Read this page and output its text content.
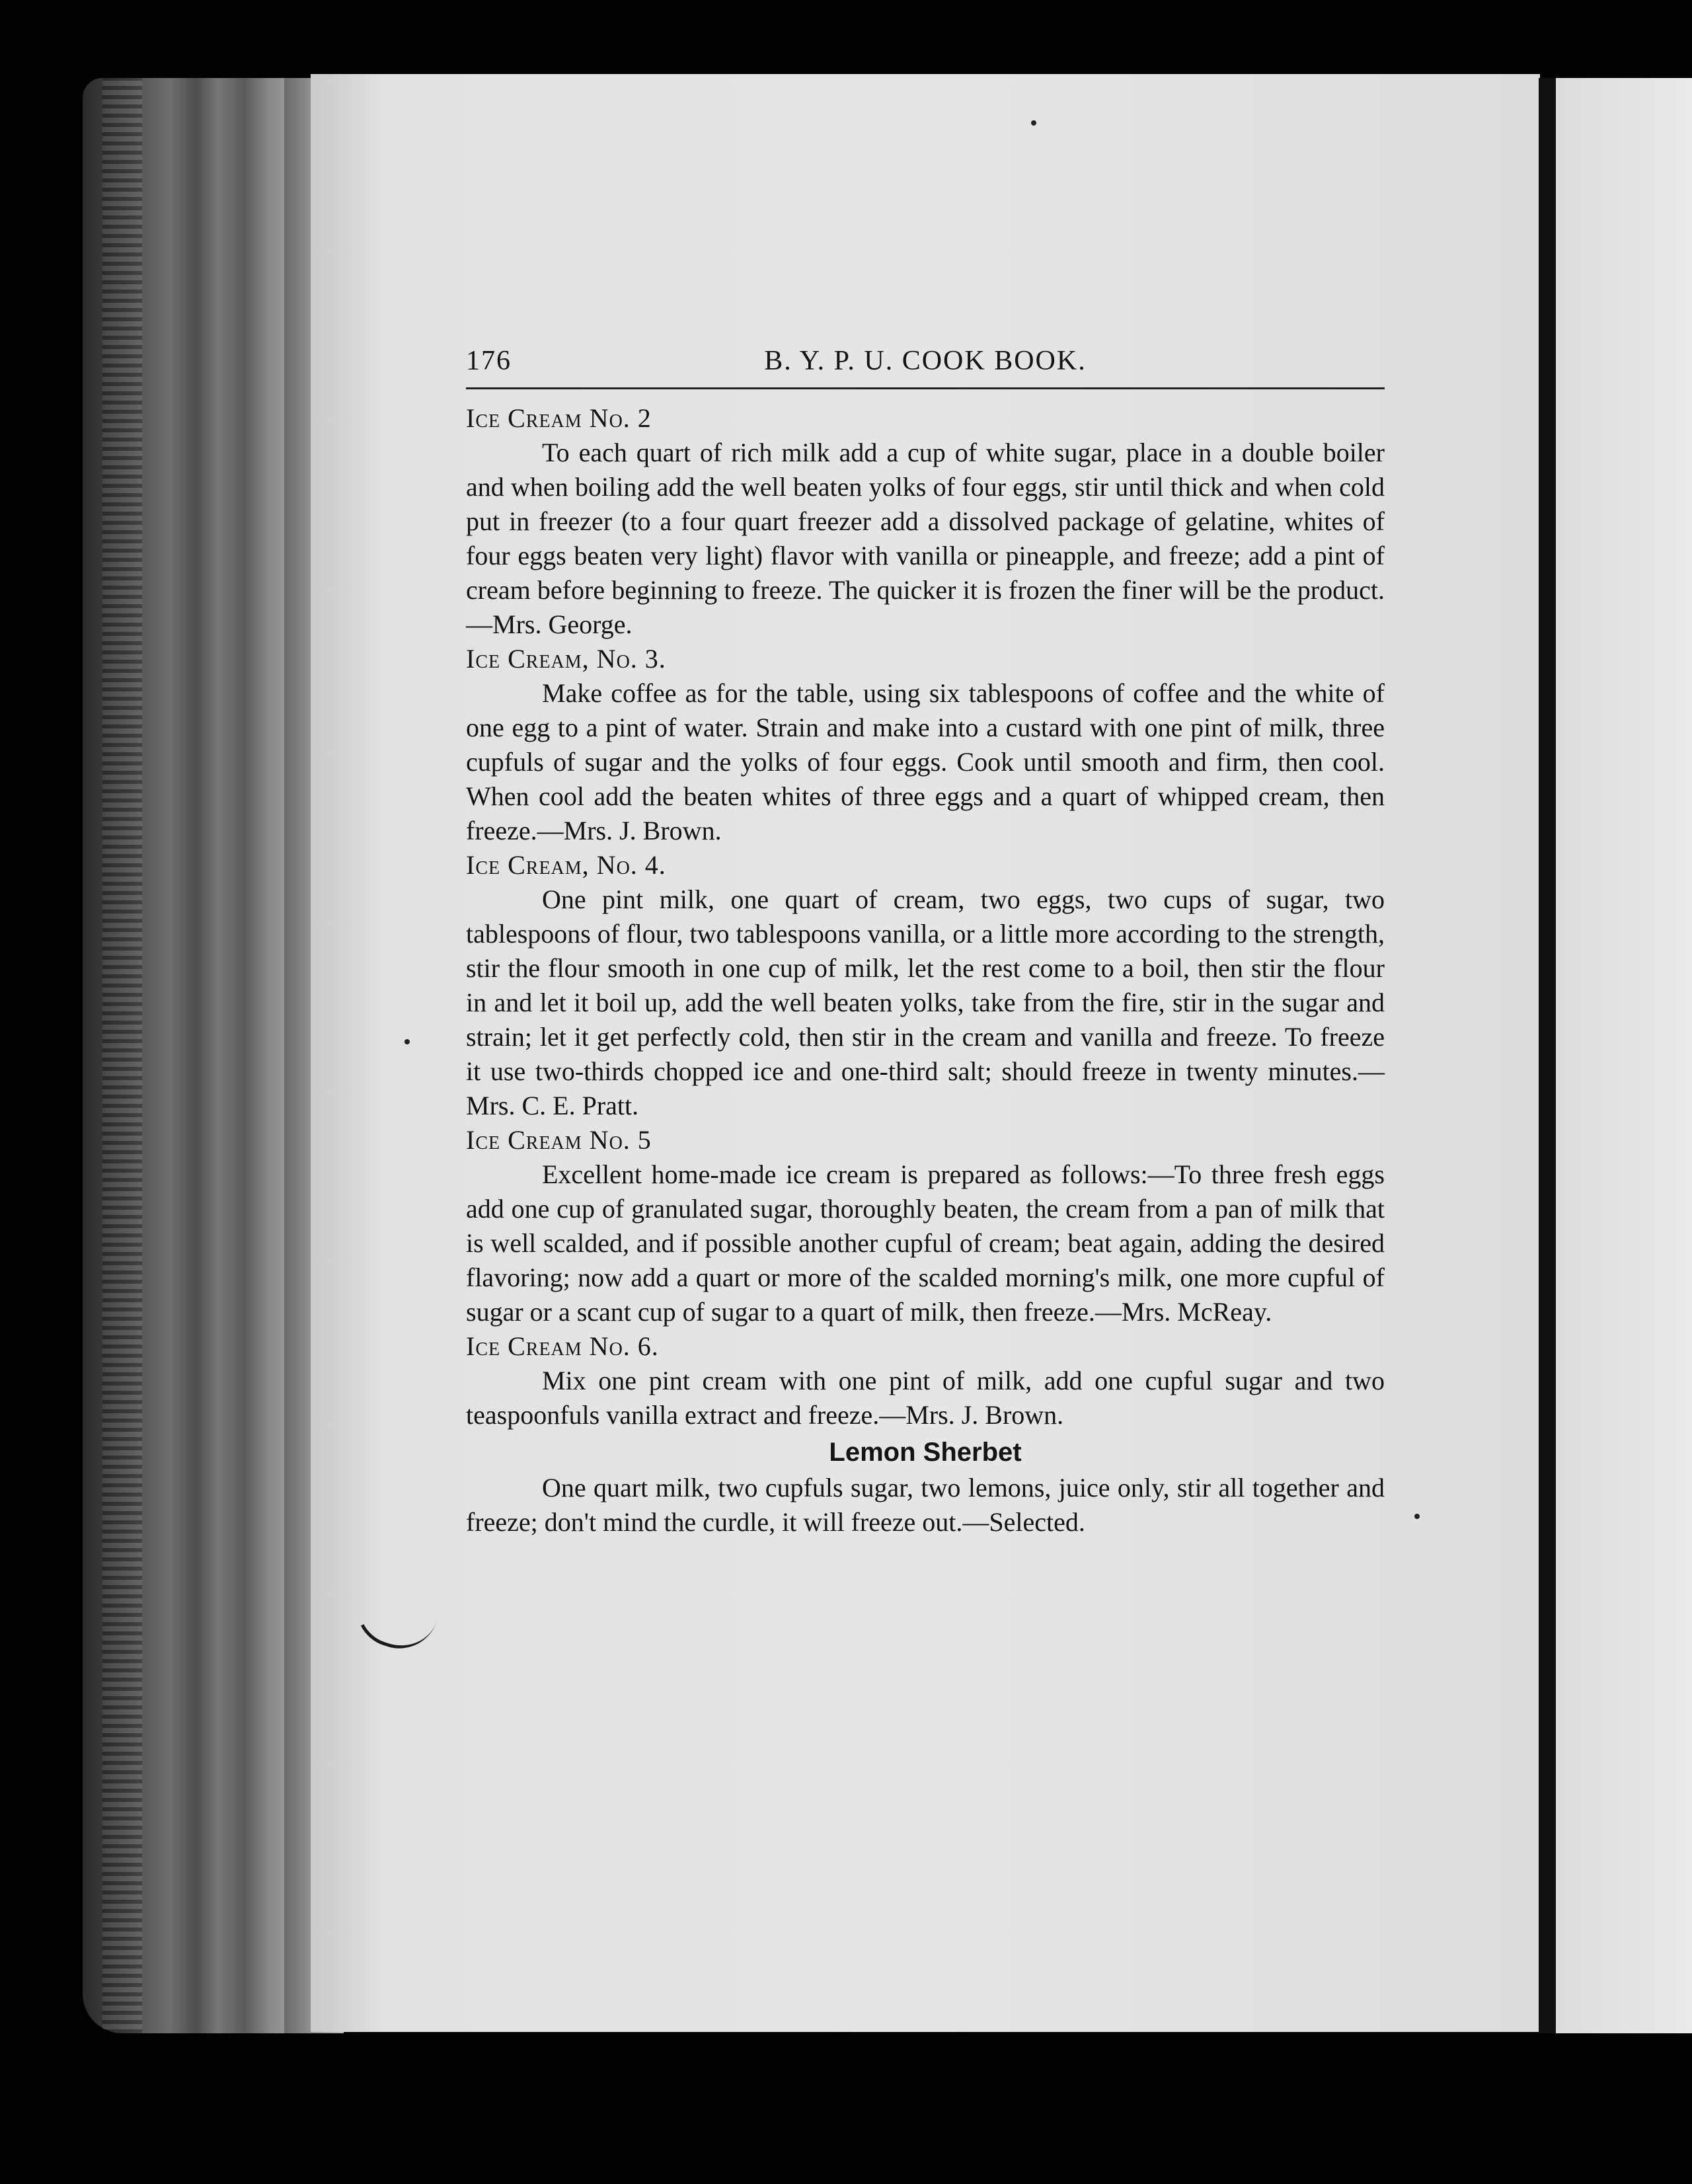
176	B. Y. P. U. COOK BOOK.

Ice Cream No. 2

To each quart of rich milk add a cup of white sugar, place in a double boiler and when boiling add the well beaten yolks of four eggs, stir until thick and when cold put in freezer (to a four quart freezer add a dissolved package of gelatine, whites of four eggs beaten very light) flavor with vanilla or pineapple, and freeze; add a pint of cream before beginning to freeze. The quicker it is frozen the finer will be the product.—Mrs. George.

Ice Cream, No. 3.

Make coffee as for the table, using six tablespoons of coffee and the white of one egg to a pint of water. Strain and make into a custard with one pint of milk, three cupfuls of sugar and the yolks of four eggs. Cook until smooth and firm, then cool. When cool add the beaten whites of three eggs and a quart of whipped cream, then freeze.—Mrs. J. Brown.

Ice Cream, No. 4.

One pint milk, one quart of cream, two eggs, two cups of sugar, two tablespoons of flour, two tablespoons vanilla, or a little more according to the strength, stir the flour smooth in one cup of milk, let the rest come to a boil, then stir the flour in and let it boil up, add the well beaten yolks, take from the fire, stir in the sugar and strain; let it get perfectly cold, then stir in the cream and vanilla and freeze. To freeze it use two-thirds chopped ice and one-third salt; should freeze in twenty minutes.—Mrs. C. E. Pratt.

Ice Cream No. 5

Excellent home-made ice cream is prepared as follows:—To three fresh eggs add one cup of granulated sugar, thoroughly beaten, the cream from a pan of milk that is well scalded, and if possible another cupful of cream; beat again, adding the desired flavoring; now add a quart or more of the scalded morning's milk, one more cupful of sugar or a scant cup of sugar to a quart of milk, then freeze.—Mrs. McReay.

Ice Cream No. 6.

Mix one pint cream with one pint of milk, add one cupful sugar and two teaspoonfuls vanilla extract and freeze.—Mrs. J. Brown.

Lemon Sherbet

One quart milk, two cupfuls sugar, two lemons, juice only, stir all together and freeze; don't mind the curdle, it will freeze out.—Selected.
